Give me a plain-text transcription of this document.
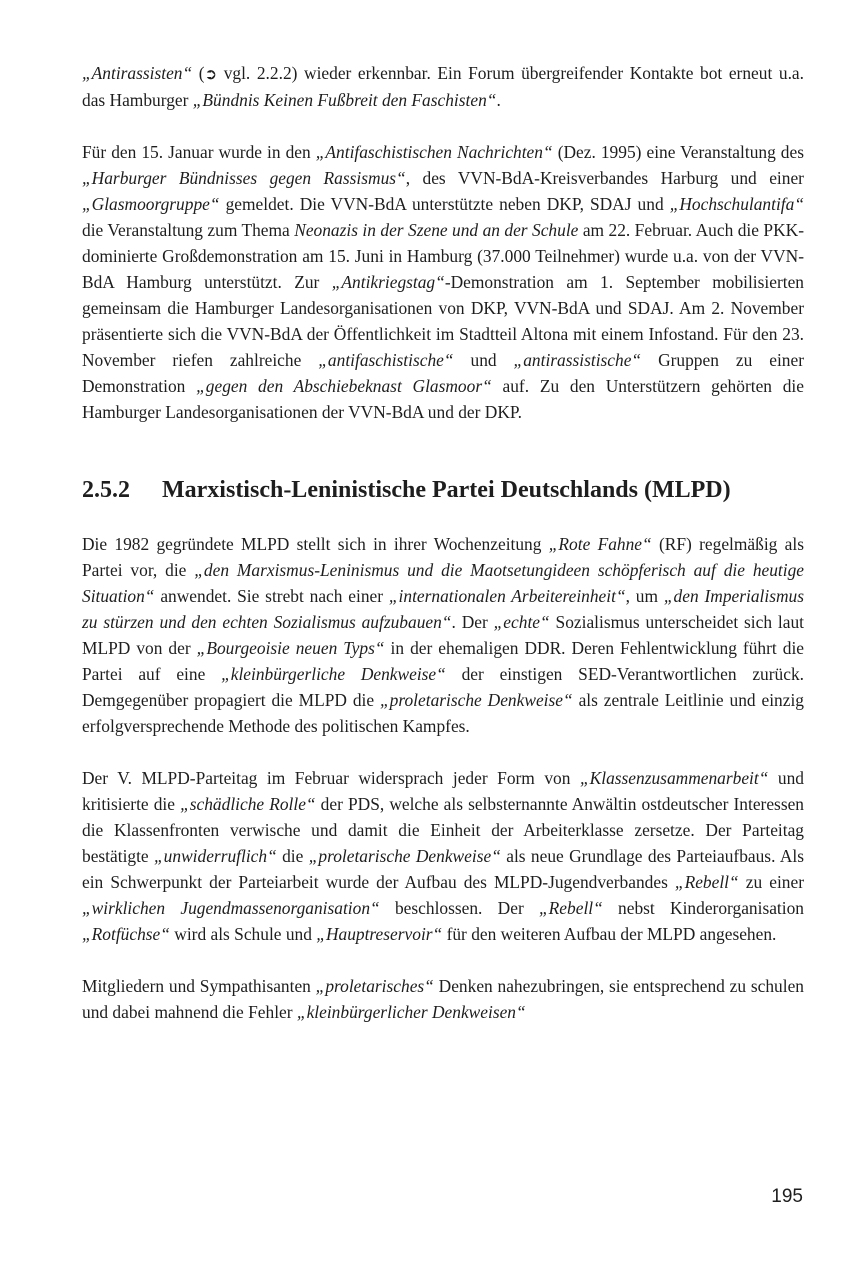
„Antirassisten“ (➲ vgl. 2.2.2) wieder erkennbar. Ein Forum übergreifender Kontakte bot erneut u.a. das Hamburger „Bündnis Keinen Fußbreit den Faschisten“.

Für den 15. Januar wurde in den „Antifaschistischen Nachrichten“ (Dez. 1995) eine Veranstaltung des „Harburger Bündnisses gegen Rassismus“, des VVN-BdA-Kreisverbandes Harburg und einer „Glasmoorgruppe“ gemeldet. Die VVN-BdA unterstützte neben DKP, SDAJ und „Hochschulantifa“ die Veranstaltung zum Thema Neonazis in der Szene und an der Schule am 22. Februar. Auch die PKK-dominierte Großdemonstration am 15. Juni in Hamburg (37.000 Teilnehmer) wurde u.a. von der VVN-BdA Hamburg unterstützt. Zur „Antikriegstag“-Demonstration am 1. September mobilisierten gemeinsam die Hamburger Landesorganisationen von DKP, VVN-BdA und SDAJ. Am 2. November präsentierte sich die VVN-BdA der Öffentlichkeit im Stadtteil Altona mit einem Infostand. Für den 23. November riefen zahlreiche „antifaschistische“ und „antirassistische“ Gruppen zu einer Demonstration „gegen den Abschiebeknast Glasmoor“ auf. Zu den Unterstützern gehörten die Hamburger Landesorganisationen der VVN-BdA und der DKP.

2.5.2	Marxistisch-Leninistische Partei Deutschlands (MLPD)

Die 1982 gegründete MLPD stellt sich in ihrer Wochenzeitung „Rote Fahne“ (RF) regelmäßig als Partei vor, die „den Marxismus-Leninismus und die Maotsetungideen schöpferisch auf die heutige Situation“ anwendet. Sie strebt nach einer „internationalen Arbeitereinheit“, um „den Imperialismus zu stürzen und den echten Sozialismus aufzubauen“. Der „echte“ Sozialismus unterscheidet sich laut MLPD von der „Bourgeoisie neuen Typs“ in der ehemaligen DDR. Deren Fehlentwicklung führt die Partei auf eine „kleinbürgerliche Denkweise“ der einstigen SED-Verantwortlichen zurück. Demgegenüber propagiert die MLPD die „proletarische Denkweise“ als zentrale Leitlinie und einzig erfolgversprechende Methode des politischen Kampfes.

Der V. MLPD-Parteitag im Februar widersprach jeder Form von „Klassenzusammenarbeit“ und kritisierte die „schädliche Rolle“ der PDS, welche als selbsternannte Anwältin ostdeutscher Interessen die Klassenfronten verwische und damit die Einheit der Arbeiterklasse zersetze. Der Parteitag bestätigte „unwiderruflich“ die „proletarische Denkweise“ als neue Grundlage des Parteiaufbaus. Als ein Schwerpunkt der Parteiarbeit wurde der Aufbau des MLPD-Jugendverbandes „Rebell“ zu einer „wirklichen Jugendmassenorganisation“ beschlossen. Der „Rebell“ nebst Kinderorganisation „Rotfüchse“ wird als Schule und „Hauptreservoir“ für den weiteren Aufbau der MLPD angesehen.

Mitgliedern und Sympathisanten „proletarisches“ Denken nahezubringen, sie entsprechend zu schulen und dabei mahnend die Fehler „kleinbürgerlicher Denkweisen“

195
